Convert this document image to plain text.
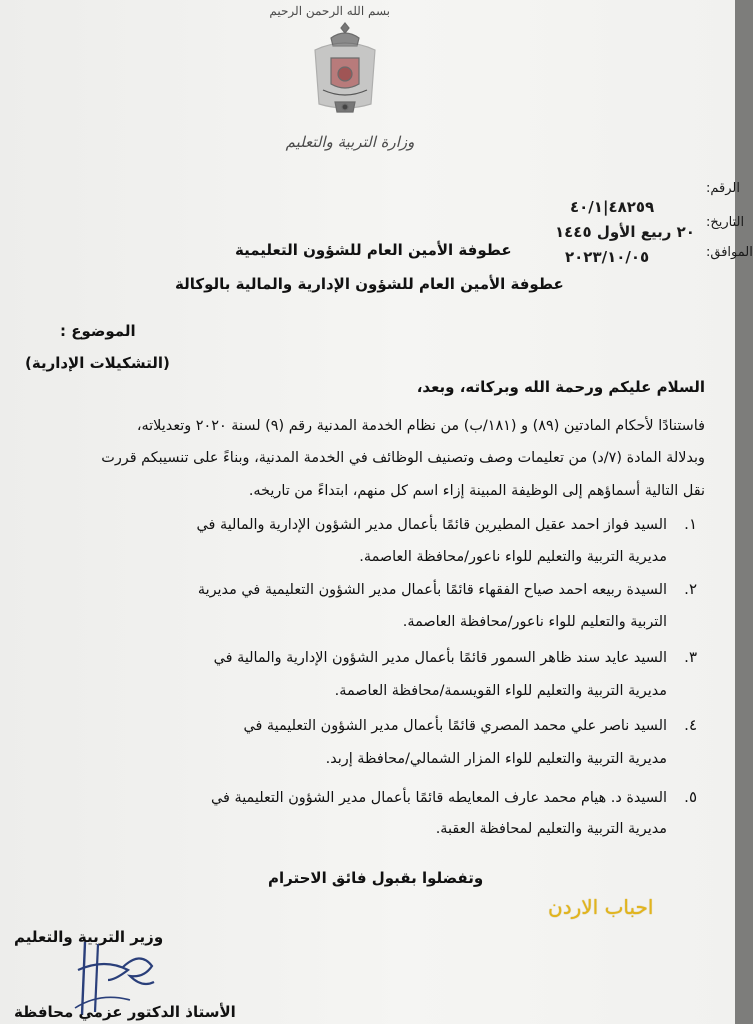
بسم الله الرحمن الرحيم
وزارة التربية والتعليم
الرقم:
٤٨٢٥٩|٤٠/١
التاريخ:
٢٠ ربيع الأول ١٤٤٥
الموافق:
٢٠٢٣/١٠/٠٥
عطوفة الأمين العام للشؤون التعليمية
عطوفة الأمين العام للشؤون الإدارية والمالية بالوكالة
الموضوع :
(التشكيلات الإدارية)
السلام عليكم ورحمة الله وبركاته، وبعد،
فاستنادًا لأحكام المادتين (٨٩) و (١٨١/ب) من نظام الخدمة المدنية رقم (٩) لسنة ٢٠٢٠ وتعديلاته،
وبدلالة المادة (٧/د) من تعليمات وصف وتصنيف الوظائف في الخدمة المدنية، وبناءً على تنسيبكم قررت
نقل التالية أسماؤهم إلى الوظيفة المبينة إزاء اسم كل منهم، ابتداءً من تاريخه.
١.
السيد فواز احمد عقيل المطيرين قائمًا بأعمال مدير الشؤون الإدارية والمالية في
مديرية التربية والتعليم للواء ناعور/محافظة العاصمة.
٢.
السيدة ربيعه احمد صياح الفقهاء قائمًا بأعمال مدير الشؤون التعليمية في مديرية
التربية والتعليم للواء ناعور/محافظة العاصمة.
٣.
السيد عايد سند ظاهر السمور قائمًا بأعمال مدير الشؤون الإدارية والمالية في
مديرية التربية والتعليم للواء القويسمة/محافظة العاصمة.
٤.
السيد ناصر علي محمد المصري قائمًا بأعمال مدير الشؤون التعليمية في
مديرية التربية والتعليم للواء المزار الشمالي/محافظة إربد.
٥.
السيدة د. هيام محمد عارف المعايطه قائمًا بأعمال مدير الشؤون التعليمية في
مديرية التربية والتعليم لمحافظة العقبة.
وتفضلوا بقبول فائق الاحترام
احباب الاردن
وزير التربية والتعليم
الأستاذ الدكتور عزمي محافظة
